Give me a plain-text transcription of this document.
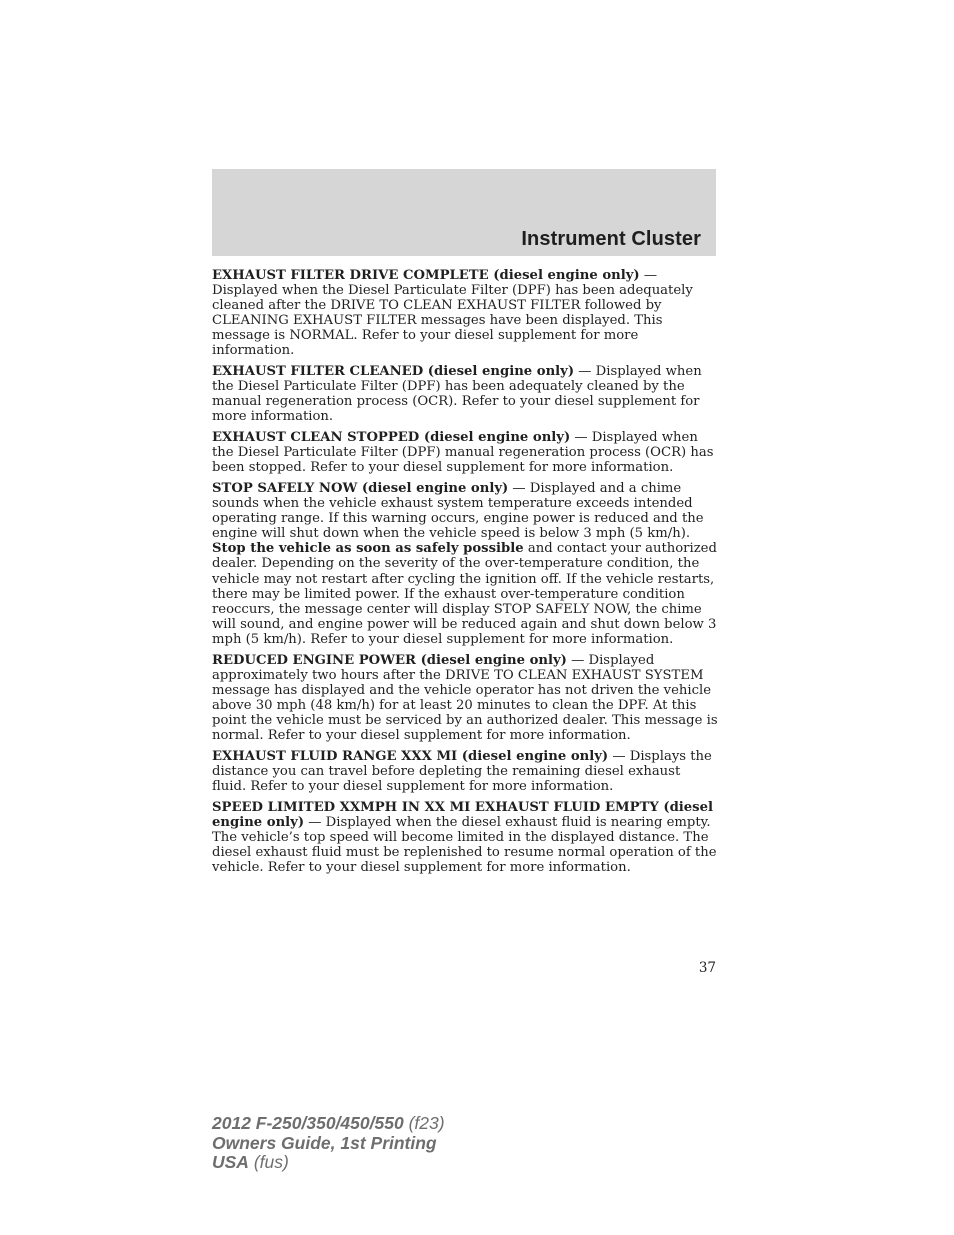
Instrument Cluster

EXHAUST FILTER DRIVE COMPLETE (diesel engine only) — Displayed when the Diesel Particulate Filter (DPF) has been adequately cleaned after the DRIVE TO CLEAN EXHAUST FILTER followed by CLEANING EXHAUST FILTER messages have been displayed. This message is NORMAL. Refer to your diesel supplement for more information.

EXHAUST FILTER CLEANED (diesel engine only) — Displayed when the Diesel Particulate Filter (DPF) has been adequately cleaned by the manual regeneration process (OCR). Refer to your diesel supplement for more information.

EXHAUST CLEAN STOPPED (diesel engine only) — Displayed when the Diesel Particulate Filter (DPF) manual regeneration process (OCR) has been stopped. Refer to your diesel supplement for more information.

STOP SAFELY NOW (diesel engine only) — Displayed and a chime sounds when the vehicle exhaust system temperature exceeds intended operating range. If this warning occurs, engine power is reduced and the engine will shut down when the vehicle speed is below 3 mph (5 km/h). Stop the vehicle as soon as safely possible and contact your authorized dealer. Depending on the severity of the over-temperature condition, the vehicle may not restart after cycling the ignition off. If the vehicle restarts, there may be limited power. If the exhaust over-temperature condition reoccurs, the message center will display STOP SAFELY NOW, the chime will sound, and engine power will be reduced again and shut down below 3 mph (5 km/h). Refer to your diesel supplement for more information.

REDUCED ENGINE POWER (diesel engine only) — Displayed approximately two hours after the DRIVE TO CLEAN EXHAUST SYSTEM message has displayed and the vehicle operator has not driven the vehicle above 30 mph (48 km/h) for at least 20 minutes to clean the DPF. At this point the vehicle must be serviced by an authorized dealer. This message is normal. Refer to your diesel supplement for more information.

EXHAUST FLUID RANGE XXX MI (diesel engine only) — Displays the distance you can travel before depleting the remaining diesel exhaust fluid. Refer to your diesel supplement for more information.

SPEED LIMITED XXMPH IN XX MI EXHAUST FLUID EMPTY (diesel engine only) — Displayed when the diesel exhaust fluid is nearing empty. The vehicle’s top speed will become limited in the displayed distance. The diesel exhaust fluid must be replenished to resume normal operation of the vehicle. Refer to your diesel supplement for more information.

37
2012 F-250/350/450/550 (f23)
Owners Guide, 1st Printing
USA (fus)
